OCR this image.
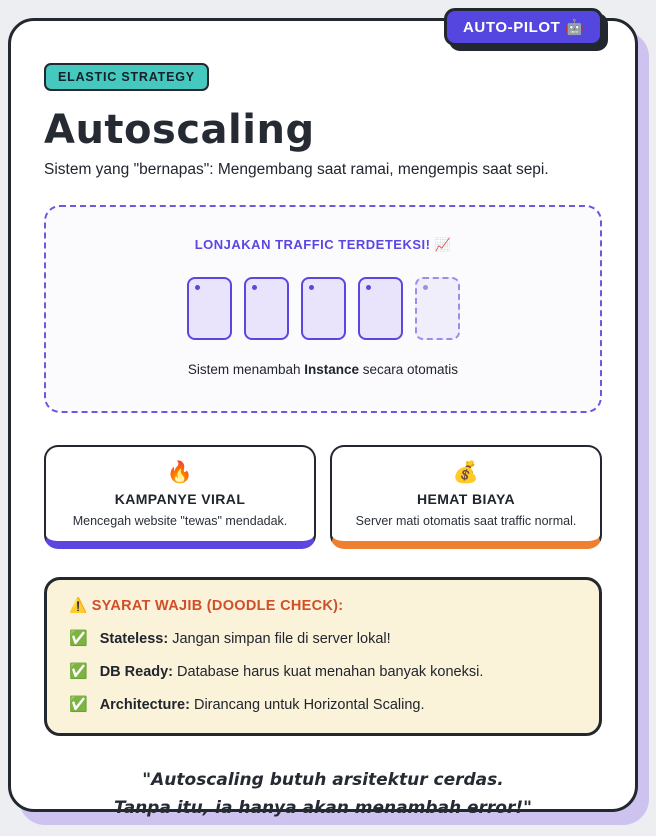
AUTO-PILOT 🤖
ELASTIC STRATEGY
Autoscaling
Sistem yang "bernapas": Mengembang saat ramai, mengempis saat sepi.
LONJAKAN TRAFFIC TERDETEKSI! 📈
Sistem menambah Instance secara otomatis
🔥
KAMPANYE VIRAL
Mencegah website "tewas" mendadak.
💰
HEMAT BIAYA
Server mati otomatis saat traffic normal.
⚠️ SYARAT WAJIB (DOODLE CHECK):
✅ Stateless: Jangan simpan file di server lokal!
✅ DB Ready: Database harus kuat menahan banyak koneksi.
✅ Architecture: Dirancang untuk Horizontal Scaling.
"Autoscaling butuh arsitektur cerdas.
Tanpa itu, ia hanya akan menambah error!"
